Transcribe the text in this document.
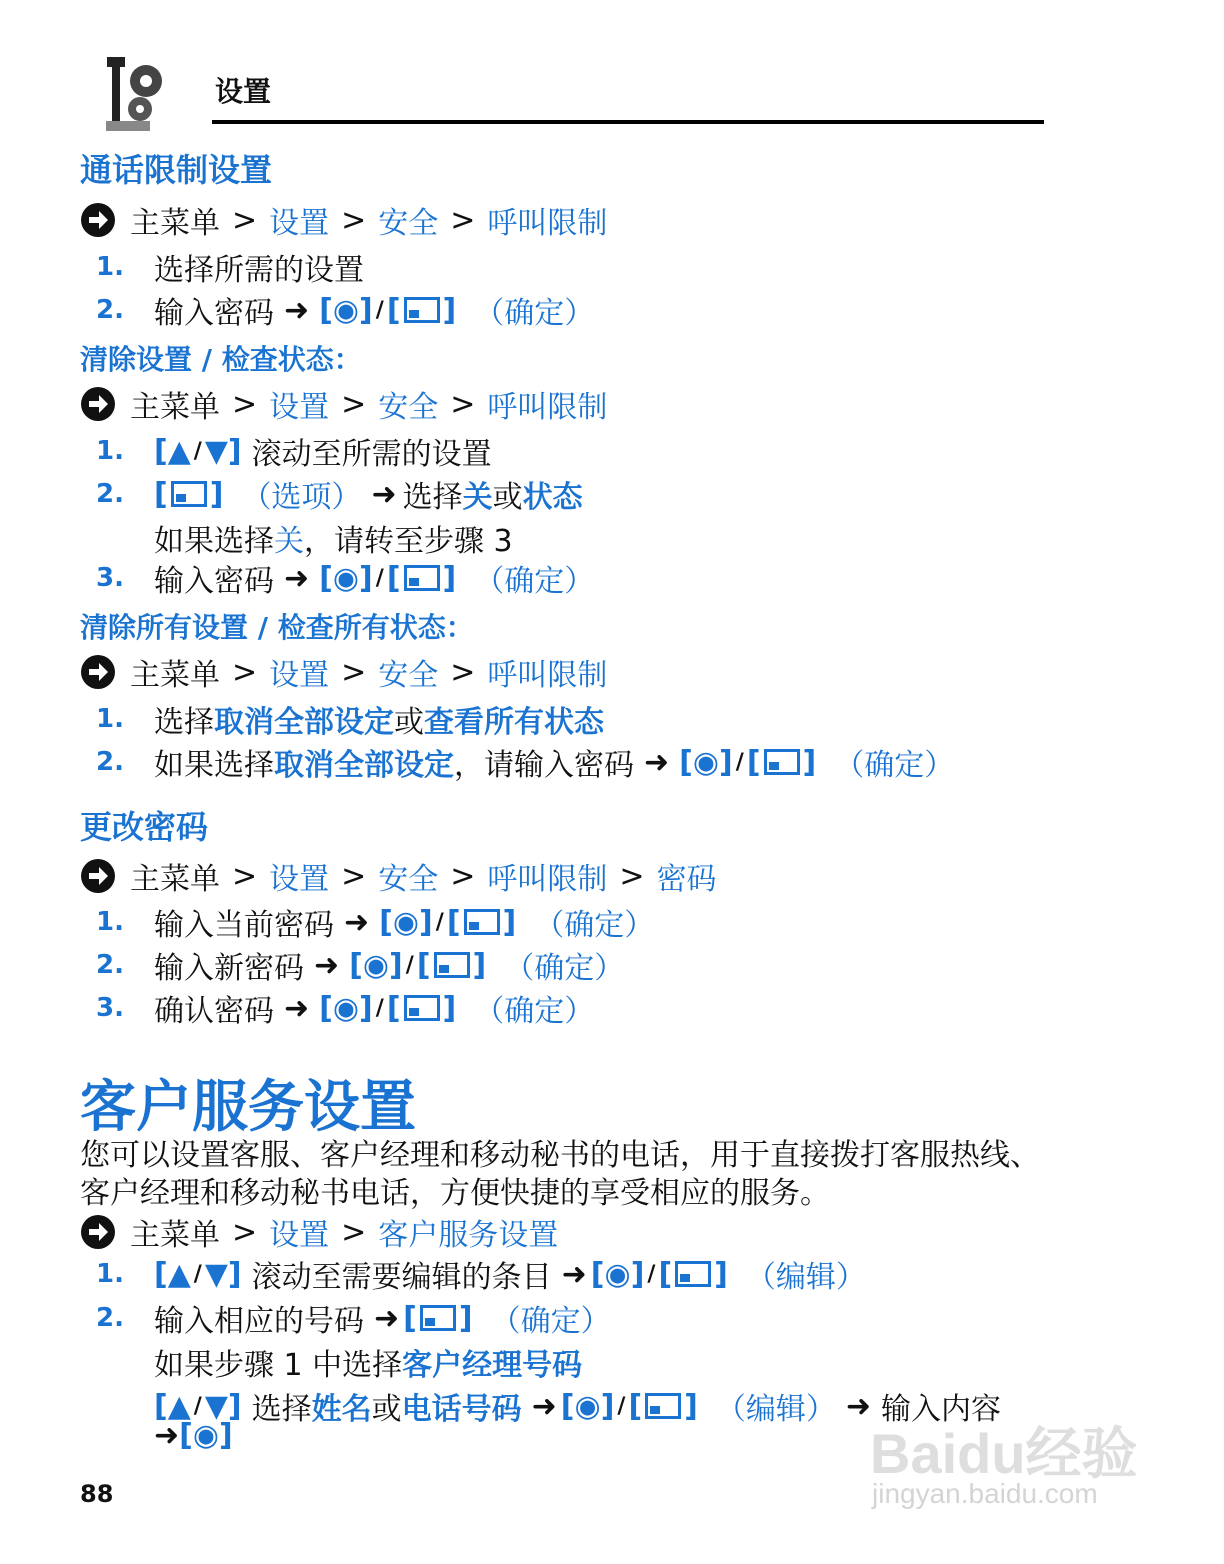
设置
通话限制设置
主菜单 > 设置 > 安全 > 呼叫限制
1.	选择所需的设置
2.	输入密码 ➜ [ ◉ ] / [ ] （确定）
清除设置 / 检查状态：
主菜单 > 设置 > 安全 > 呼叫限制
1.	[ ▲ / ▼ ] 滚动至所需的设置
2.	[ ] （选项） ➜ 选择 关 或 状态
如果选择 关 ，请转至步骤 3
3.	输入密码 ➜ [ ◉ ] / [ ] （确定）
清除所有设置 / 检查所有状态：
主菜单 > 设置 > 安全 > 呼叫限制
1.	选择 取消全部设定 或 查看所有状态
2.	如果选择 取消全部设定 ，请输入密码 ➜ [ ◉ ] / [ ] （确定）
更改密码
主菜单 > 设置 > 安全 > 呼叫限制 > 密码
1.	输入当前密码 ➜ [ ◉ ] / [ ] （确定）
2.	输入新密码 ➜ [ ◉ ] / [ ] （确定）
3.	确认密码 ➜ [ ◉ ] / [ ] （确定）
客户服务设置
您可以设置客服、客户经理和移动秘书的电话，用于直接拨打客服热线、客户经理和移动秘书电话，方便快捷的享受相应的服务。
主菜单 > 设置 > 客户服务设置
1.	[ ▲ / ▼ ] 滚动至需要编辑的条目 ➜ [ ◉ ] / [ ] （编辑）
2.	输入相应的号码 ➜ [ ] （确定）
如果步骤 1 中选择 客户经理号码
[ ▲ / ▼ ] 选择 姓名 或 电话号码 ➜ [ ◉ ] / [ ] （编辑） ➜ 输入内容
➜ [ ◉ ]
88
Baidu经验
jingyan.baidu.com
